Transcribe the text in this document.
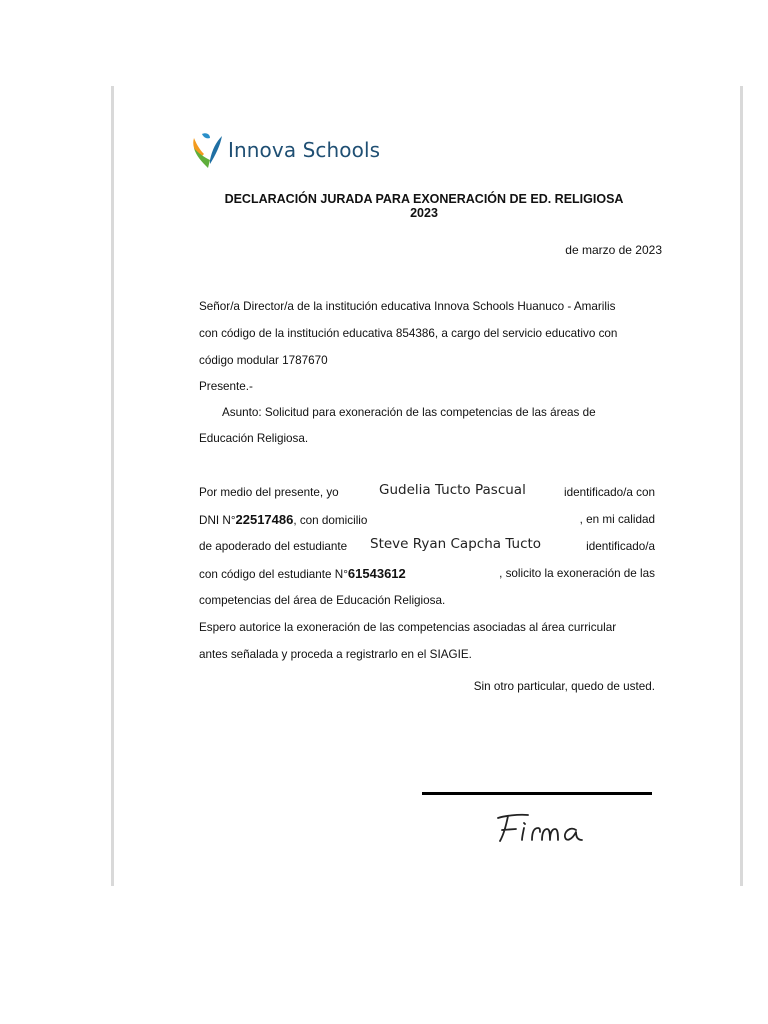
Innova Schools
DECLARACIÓN JURADA PARA EXONERACIÓN DE ED. RELIGIOSA
2023
de marzo de 2023
Señor/a Director/a de la institución educativa Innova Schools Huanuco - Amarilis
con código de la institución educativa 854386, a cargo del servicio educativo con
código modular 1787670
Presente.-
Asunto: Solicitud para exoneración de las competencias de las áreas de
Educación Religiosa.
Por medio del presente, yo	Gudelia Tucto Pascual	identificado/a con
DNI N°22517486, con domicilio	, en mi calidad
de apoderado del estudiante Steve Ryan Capcha Tucto	identificado/a
con código del estudiante N°61543612	, solicito la exoneración de las
competencias del área de Educación Religiosa.
Espero autorice la exoneración de las competencias asociadas al área curricular
antes señalada y proceda a registrarlo en el SIAGIE.
Sin otro particular, quedo de usted.
